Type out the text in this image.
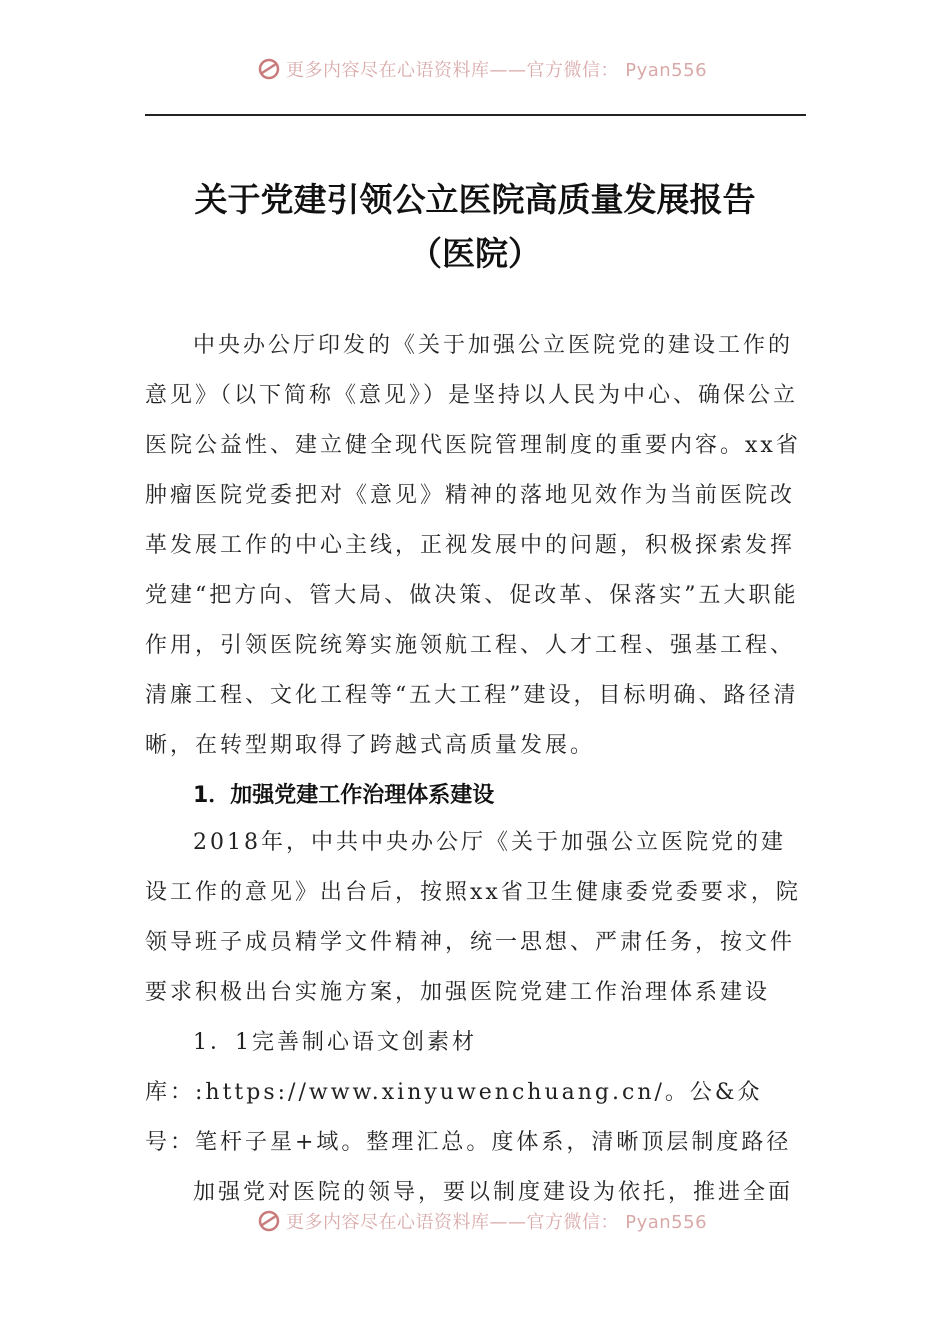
更多内容尽在心语资料库——官方微信： Pyan556
关于党建引领公立医院高质量发展报告
（医院）

中央办公厅印发的《关于加强公立医院党的建设工作的意见》（以下简称《意见》）是坚持以人民为中心、确保公立医院公益性、建立健全现代医院管理制度的重要内容。xx省肿瘤医院党委把对《意见》精神的落地见效作为当前医院改革发展工作的中心主线，正视发展中的问题，积极探索发挥党建“把方向、管大局、做决策、促改革、保落实”五大职能作用，引领医院统筹实施领航工程、人才工程、强基工程、清廉工程、文化工程等“五大工程”建设，目标明确、路径清晰，在转型期取得了跨越式高质量发展。

1．加强党建工作治理体系建设

2018年，中共中央办公厅《关于加强公立医院党的建设工作的意见》出台后，按照xx省卫生健康委党委要求，院领导班子成员精学文件精神，统一思想、严肃任务，按文件要求积极出台实施方案，加强医院党建工作治理体系建设

1．1完善制心语文创素材库：:https://www.xinyuwenchuang.cn/。公&众号：笔杆子星+域。整理汇总。度体系，清晰顶层制度路径

加强党对医院的领导，要以制度建设为依托，推进全面

更多内容尽在心语资料库——官方微信： Pyan556
